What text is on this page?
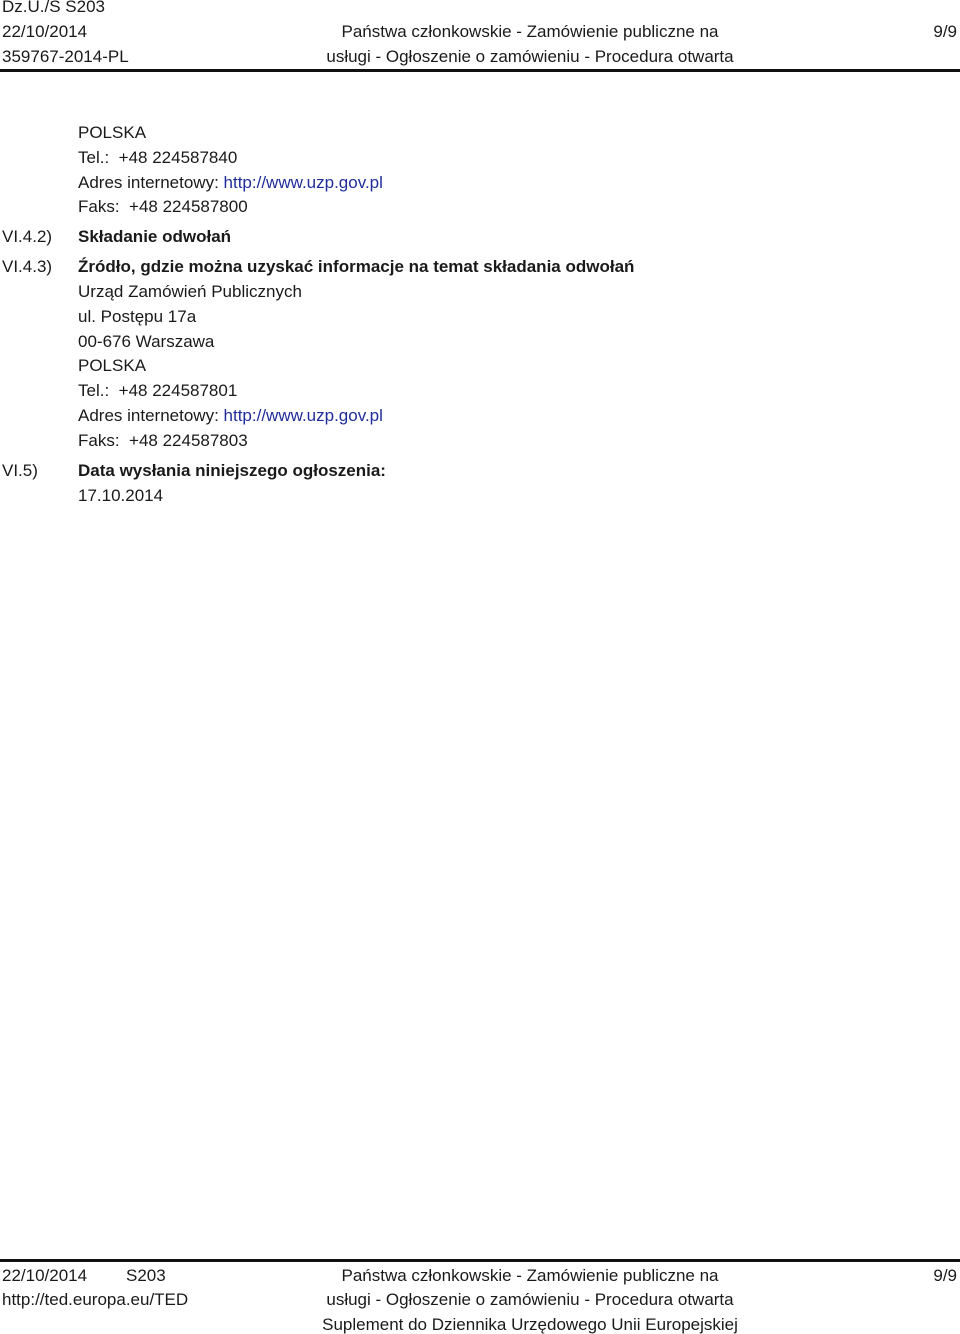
Dz.U./S S203
22/10/2014
359767-2014-PL
Państwa członkowskie - Zamówienie publiczne na
usługi - Ogłoszenie o zamówieniu - Procedura otwarta
9/9
POLSKA
Tel.: +48 224587840
Adres internetowy: http://www.uzp.gov.pl
Faks: +48 224587800
VI.4.2) Składanie odwołań
VI.4.3) Źródło, gdzie można uzyskać informacje na temat składania odwołań
Urząd Zamówień Publicznych
ul. Postępu 17a
00-676 Warszawa
POLSKA
Tel.: +48 224587801
Adres internetowy: http://www.uzp.gov.pl
Faks: +48 224587803
VI.5) Data wysłania niniejszego ogłoszenia:
17.10.2014
22/10/2014 S203
http://ted.europa.eu/TED
Państwa członkowskie - Zamówienie publiczne na
usługi - Ogłoszenie o zamówieniu - Procedura otwarta
Suplement do Dziennika Urzędowego Unii Europejskiej
9/9
